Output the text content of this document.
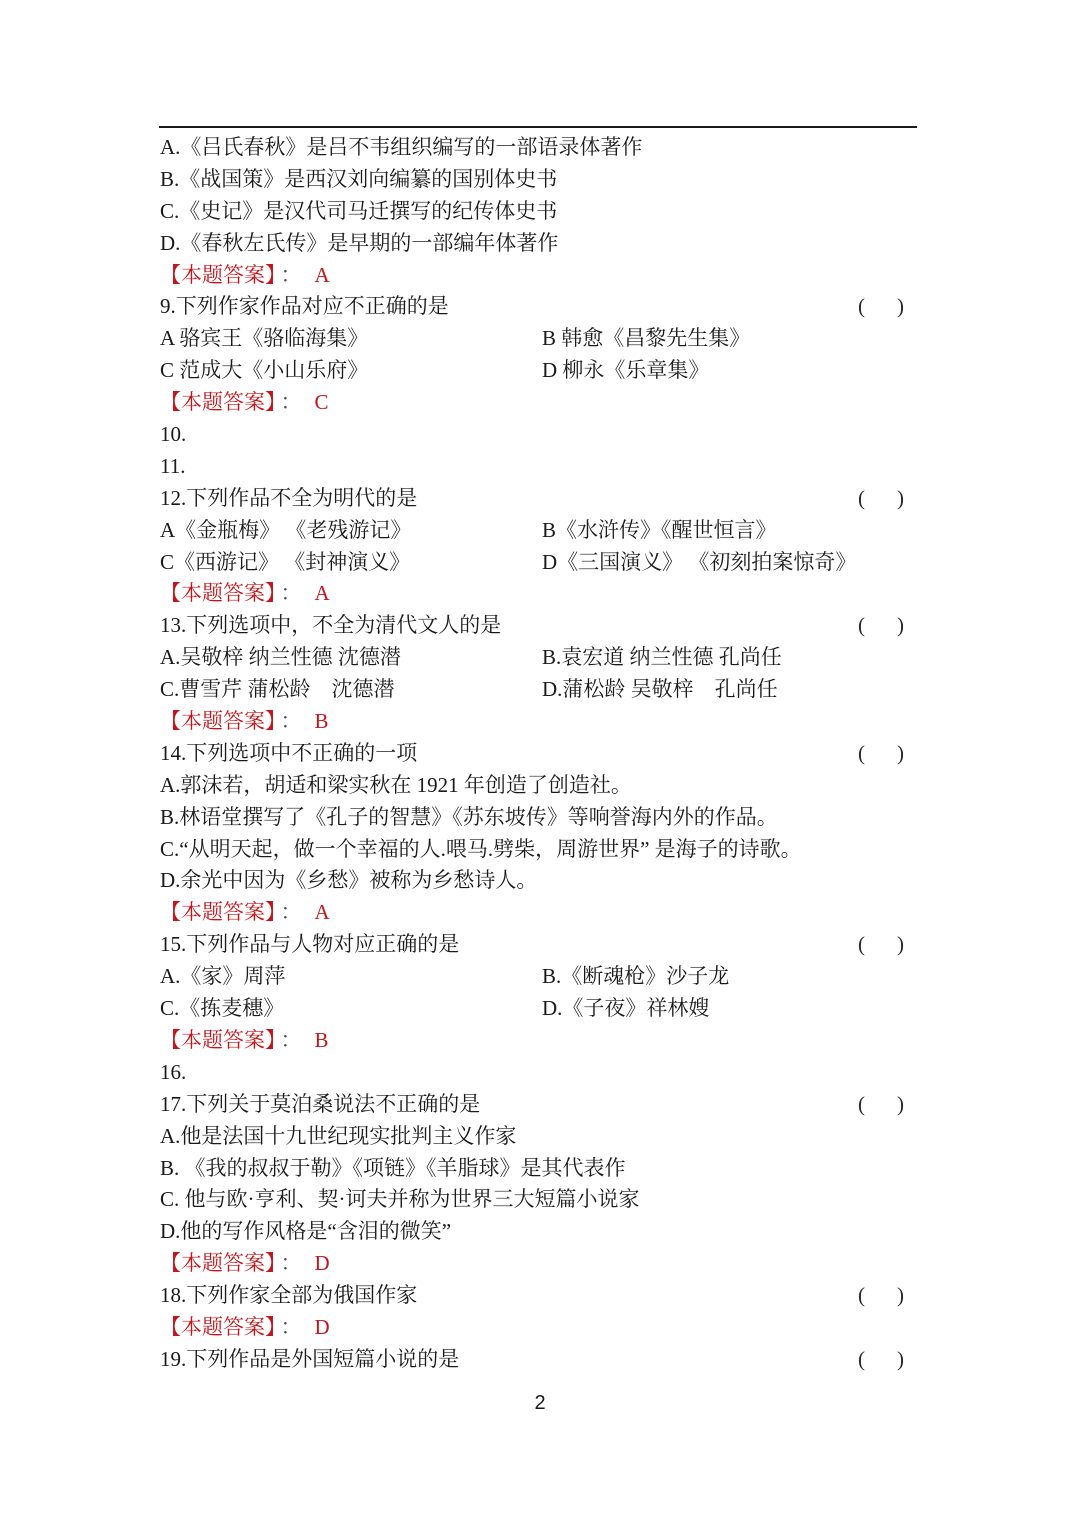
A.《吕氏春秋》是吕不韦组织编写的一部语录体著作
B.《战国策》是西汉刘向编纂的国别体史书
C.《史记》是汉代司马迁撰写的纪传体史书
D.《春秋左氏传》是早期的一部编年体著作
【本题答案】 ： A
9.下列作家作品对应不正确的是	( )
A 骆宾王《骆临海集》	B 韩愈《昌黎先生集》
C 范成大《小山乐府》	D 柳永《乐章集》
【本题答案】 ： C
10.
11.
12.下列作品不全为明代的是	( )
A《金瓶梅》 《老残游记》	B《水浒传》《醒世恒言》
C《西游记》 《封神演义》	D《三国演义》 《初刻拍案惊奇》
【本题答案】 ： A
13.下列选项中，不全为清代文人的是	( )
A.吴敬梓 纳兰性德 沈德潜	B.袁宏道 纳兰性德 孔尚任
C.曹雪芹 蒲松龄　沈德潜	D.蒲松龄 吴敬梓　孔尚任
【本题答案】 ： B
14.下列选项中不正确的一项	( )
A.郭沫若，胡适和梁实秋在 1921 年创造了创造社。
B.林语堂撰写了《孔子的智慧》《苏东坡传》等响誉海内外的作品。
C.“从明天起，做一个幸福的人.喂马.劈柴，周游世界” 是海子的诗歌。
D.余光中因为《乡愁》被称为乡愁诗人。
【本题答案】 ： A
15.下列作品与人物对应正确的是	( )
A.《家》周萍	B.《断魂枪》沙子龙
C.《拣麦穗》	D.《子夜》祥林嫂
【本题答案】 ： B
16.
17.下列关于莫泊桑说法不正确的是	( )
A.他是法国十九世纪现实批判主义作家
B. 《我的叔叔于勒》《项链》《羊脂球》是其代表作
C. 他与欧·亨利、契·诃夫并称为世界三大短篇小说家
D.他的写作风格是“含泪的微笑”
【本题答案】 ： D
18.下列作家全部为俄国作家	( )
【本题答案】 ： D
19.下列作品是外国短篇小说的是	( )
2
